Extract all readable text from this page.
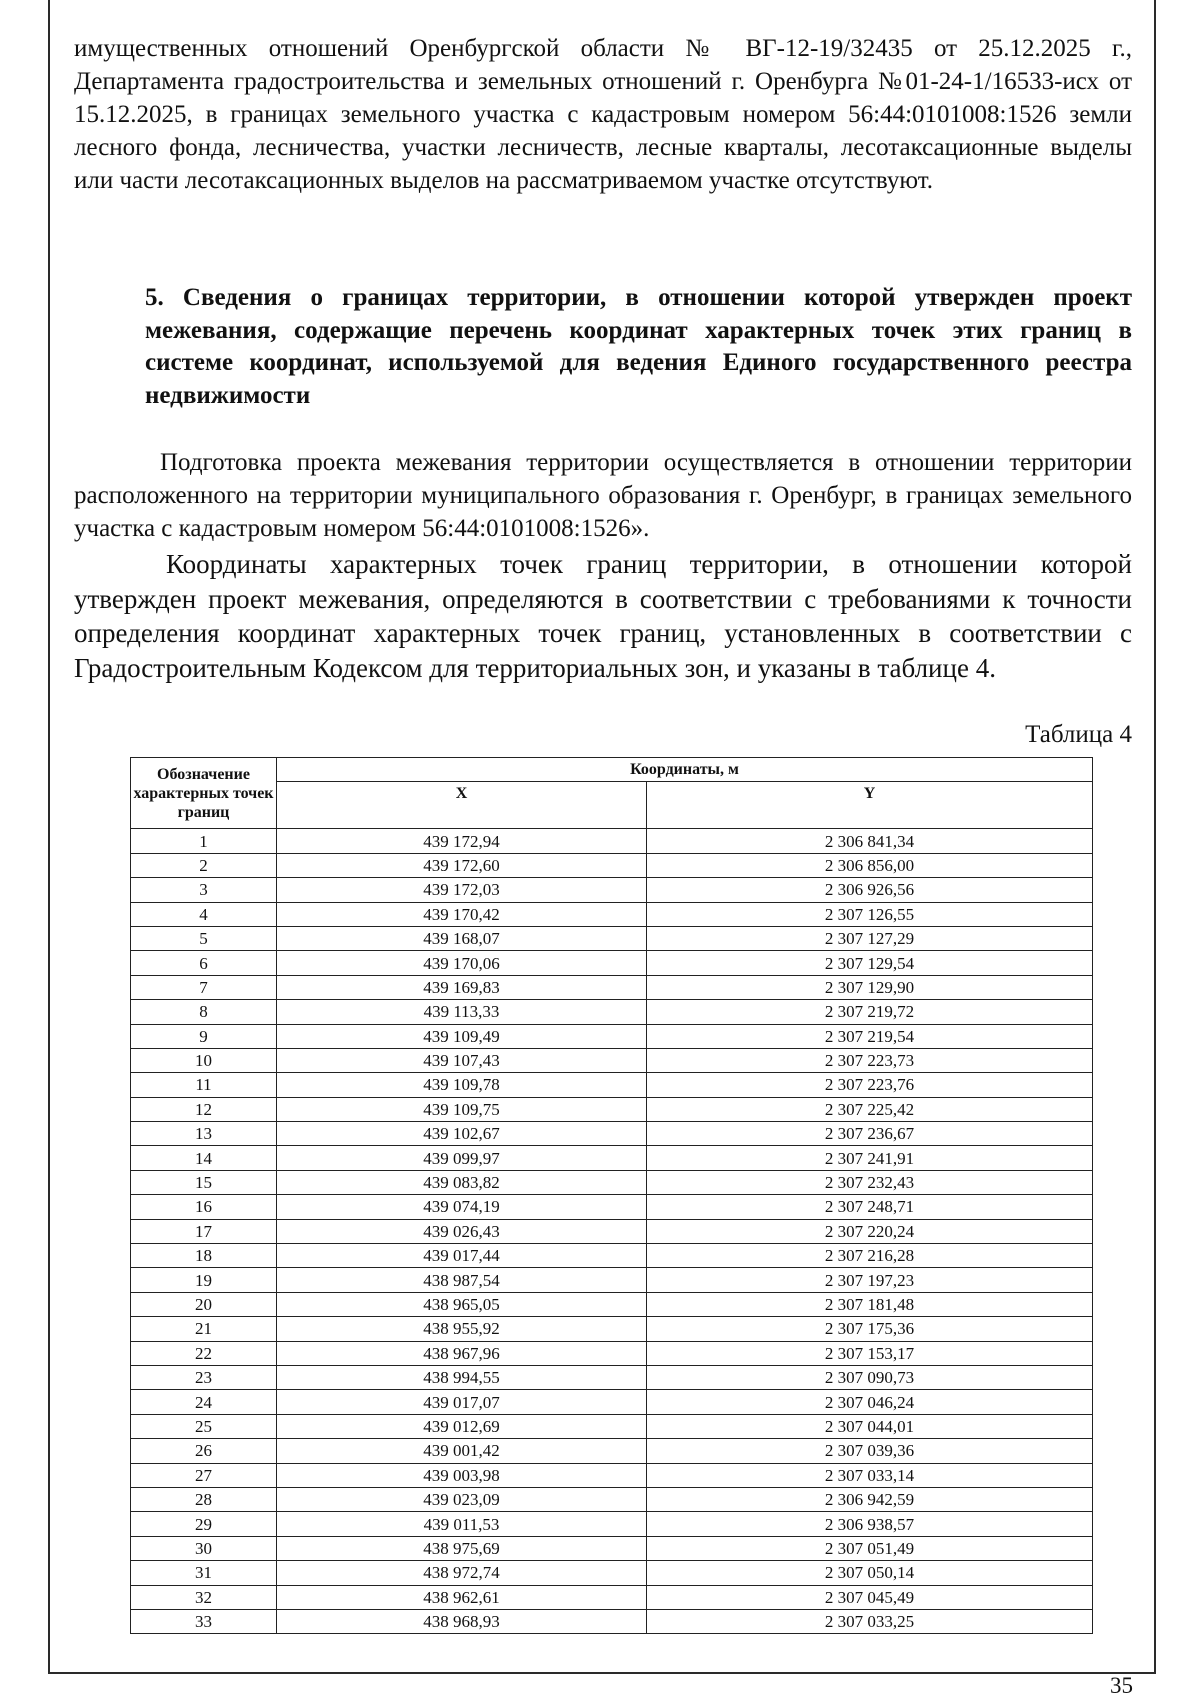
имущественных отношений Оренбургской области № ВГ-12-19/32435 от 25.12.2025 г., Департамента градостроительства и земельных отношений г. Оренбурга №01-24-1/16533-исх от 15.12.2025, в границах земельного участка с кадастровым номером 56:44:0101008:1526 земли лесного фонда, лесничества, участки лесничеств, лесные кварталы, лесотаксационные выделы или части лесотаксационных выделов на рассматриваемом участке отсутствуют.

5. Сведения о границах территории, в отношении которой утвержден проект межевания, содержащие перечень координат характерных точек этих границ в системе координат, используемой для ведения Единого государственного реестра недвижимости

Подготовка проекта межевания территории осуществляется в отношении территории расположенного на территории муниципального образования г. Оренбург, в границах земельного участка с кадастровым номером 56:44:0101008:1526».

Координаты характерных точек границ территории, в отношении которой утвержден проект межевания, определяются в соответствии с требованиями к точности определения координат характерных точек границ, установленных в соответствии с Градостроительным Кодексом для территориальных зон, и указаны в таблице 4.

Таблица 4

Обозначение характерных точек границ	Координаты, м	
	X	Y
1	439 172,94	2 306 841,34
2	439 172,60	2 306 856,00
3	439 172,03	2 306 926,56
4	439 170,42	2 307 126,55
5	439 168,07	2 307 127,29
6	439 170,06	2 307 129,54
7	439 169,83	2 307 129,90
8	439 113,33	2 307 219,72
9	439 109,49	2 307 219,54
10	439 107,43	2 307 223,73
11	439 109,78	2 307 223,76
12	439 109,75	2 307 225,42
13	439 102,67	2 307 236,67
14	439 099,97	2 307 241,91
15	439 083,82	2 307 232,43
16	439 074,19	2 307 248,71
17	439 026,43	2 307 220,24
18	439 017,44	2 307 216,28
19	438 987,54	2 307 197,23
20	438 965,05	2 307 181,48
21	438 955,92	2 307 175,36
22	438 967,96	2 307 153,17
23	438 994,55	2 307 090,73
24	439 017,07	2 307 046,24
25	439 012,69	2 307 044,01
26	439 001,42	2 307 039,36
27	439 003,98	2 307 033,14
28	439 023,09	2 306 942,59
29	439 011,53	2 306 938,57
30	438 975,69	2 307 051,49
31	438 972,74	2 307 050,14
32	438 962,61	2 307 045,49
33	438 968,93	2 307 033,25

35
